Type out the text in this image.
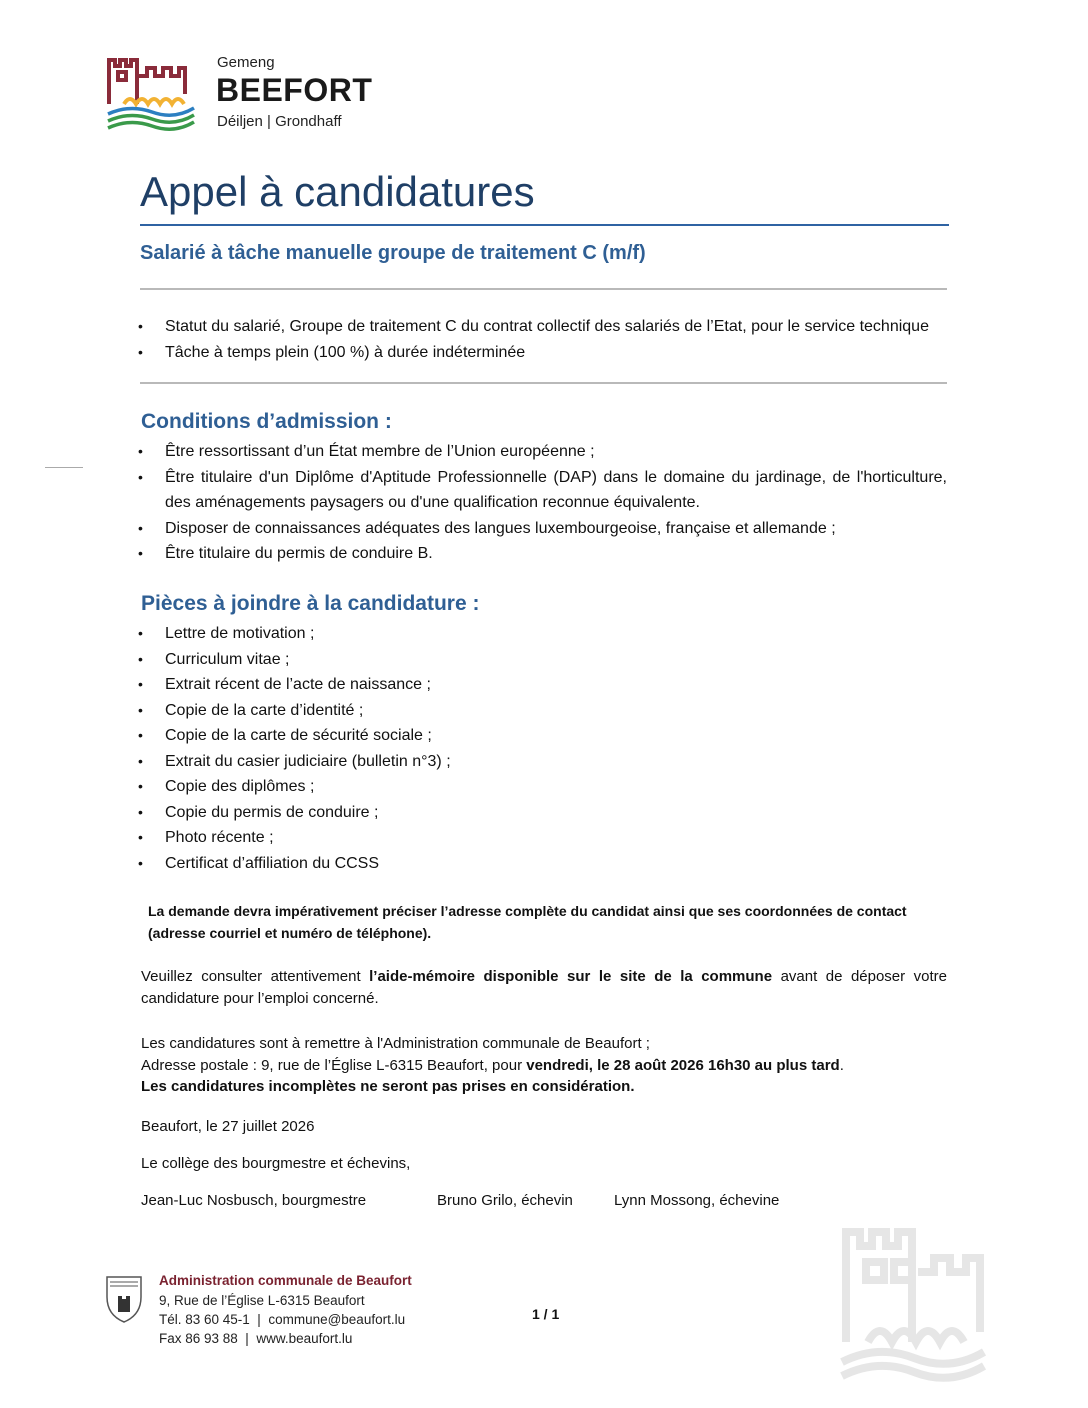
Gemeng
BEEFORT
Déiljen | Grondhaff
Appel à candidatures
Salarié à tâche manuelle groupe de traitement C (m/f)
• Statut du salarié, Groupe de traitement C du contrat collectif des salariés de l’Etat, pour le service technique
• Tâche à temps plein (100 %) à durée indéterminée
Conditions d’admission :
• Être ressortissant d’un État membre de l’Union européenne ;
• Être titulaire d'un Diplôme d'Aptitude Professionnelle (DAP) dans le domaine du jardinage, de l'horticulture, des aménagements paysagers ou d'une qualification reconnue équivalente.
• Disposer de connaissances adéquates des langues luxembourgeoise, française et allemande ;
• Être titulaire du permis de conduire B.
Pièces à joindre à la candidature :
• Lettre de motivation ;
• Curriculum vitae ;
• Extrait récent de l’acte de naissance ;
• Copie de la carte d’identité ;
• Copie de la carte de sécurité sociale ;
• Extrait du casier judiciaire (bulletin n°3) ;
• Copie des diplômes ;
• Copie du permis de conduire ;
• Photo récente ;
• Certificat d’affiliation du CCSS
La demande devra impérativement préciser l’adresse complète du candidat ainsi que ses coordonnées de contact (adresse courriel et numéro de téléphone).
Veuillez consulter attentivement l’aide-mémoire disponible sur le site de la commune avant de déposer votre candidature pour l’emploi concerné.
Les candidatures sont à remettre à l'Administration communale de Beaufort ;
Adresse postale : 9, rue de l’Église L-6315 Beaufort, pour vendredi, le 28 août 2026 16h30 au plus tard.
Les candidatures incomplètes ne seront pas prises en considération.
Beaufort, le 27 juillet 2026
Le collège des bourgmestre et échevins,
Jean-Luc Nosbusch, bourgmestre	Bruno Grilo, échevin	Lynn Mossong, échevine
Administration communale de Beaufort
9, Rue de l’Église L-6315 Beaufort
Tél. 83 60 45-1  |  commune@beaufort.lu
Fax 86 93 88  |  www.beaufort.lu
1 / 1
